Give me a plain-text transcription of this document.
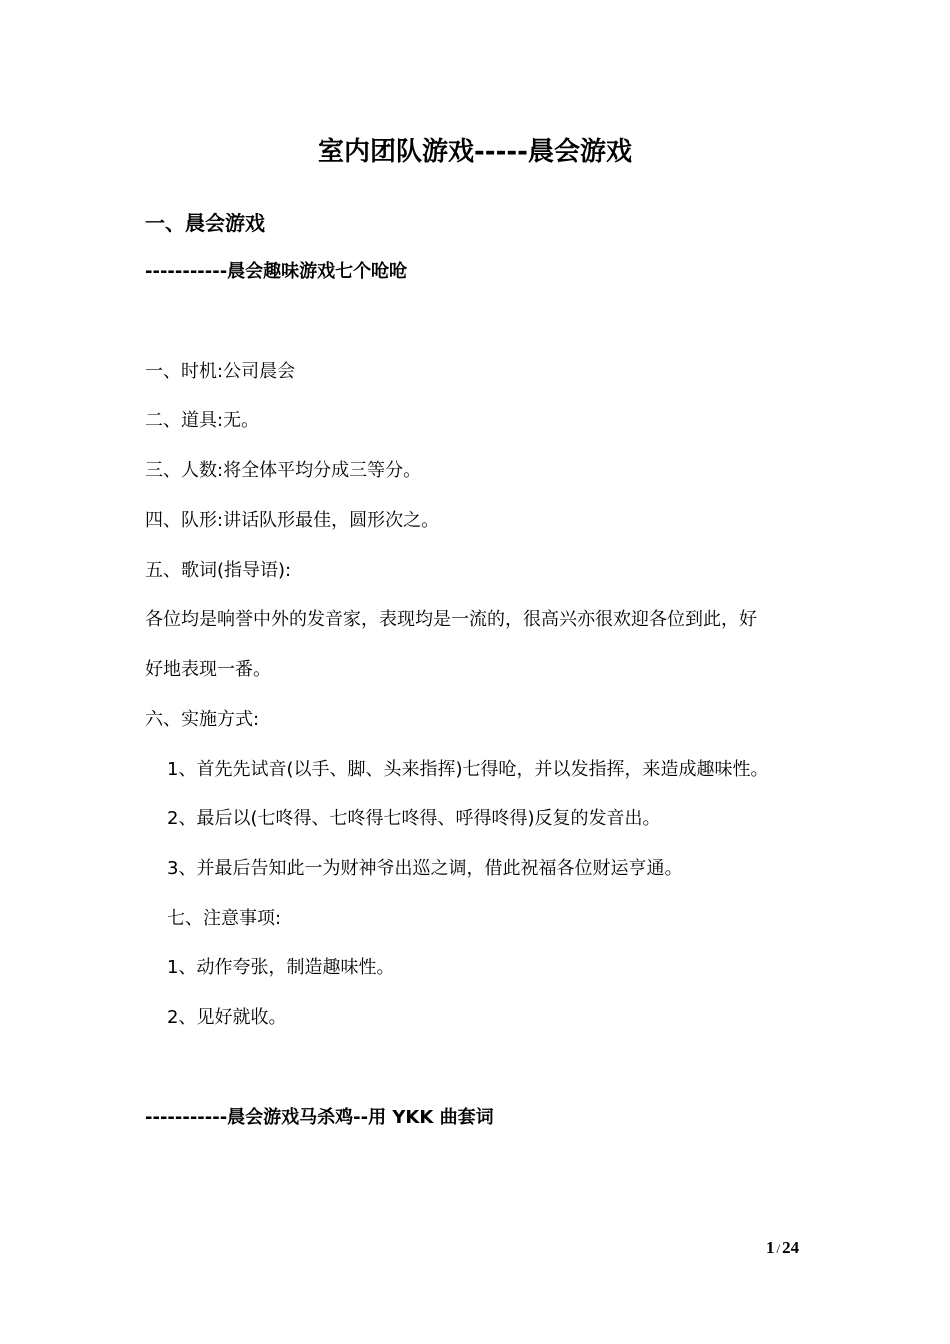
室内团队游戏-----晨会游戏
一、晨会游戏
-----------晨会趣味游戏七个呛呛
一、时机:公司晨会
二、道具:无。
三、人数:将全体平均分成三等分。
四、队形:讲话队形最佳，圆形次之。
五、歌词(指导语):
各位均是响誉中外的发音家，表现均是一流的，很高兴亦很欢迎各位到此，好
好地表现一番。
六、实施方式:
1、首先先试音(以手、脚、头来指挥)七得呛，并以发指挥，来造成趣味性。
2、最后以(七咚得、七咚得七咚得、呼得咚得)反复的发音出。
3、并最后告知此一为财神爷出巡之调，借此祝福各位财运亨通。
七、注意事项:
1、动作夸张，制造趣味性。
2、见好就收。
-----------晨会游戏马杀鸡--用 YKK 曲套词
1 / 24
